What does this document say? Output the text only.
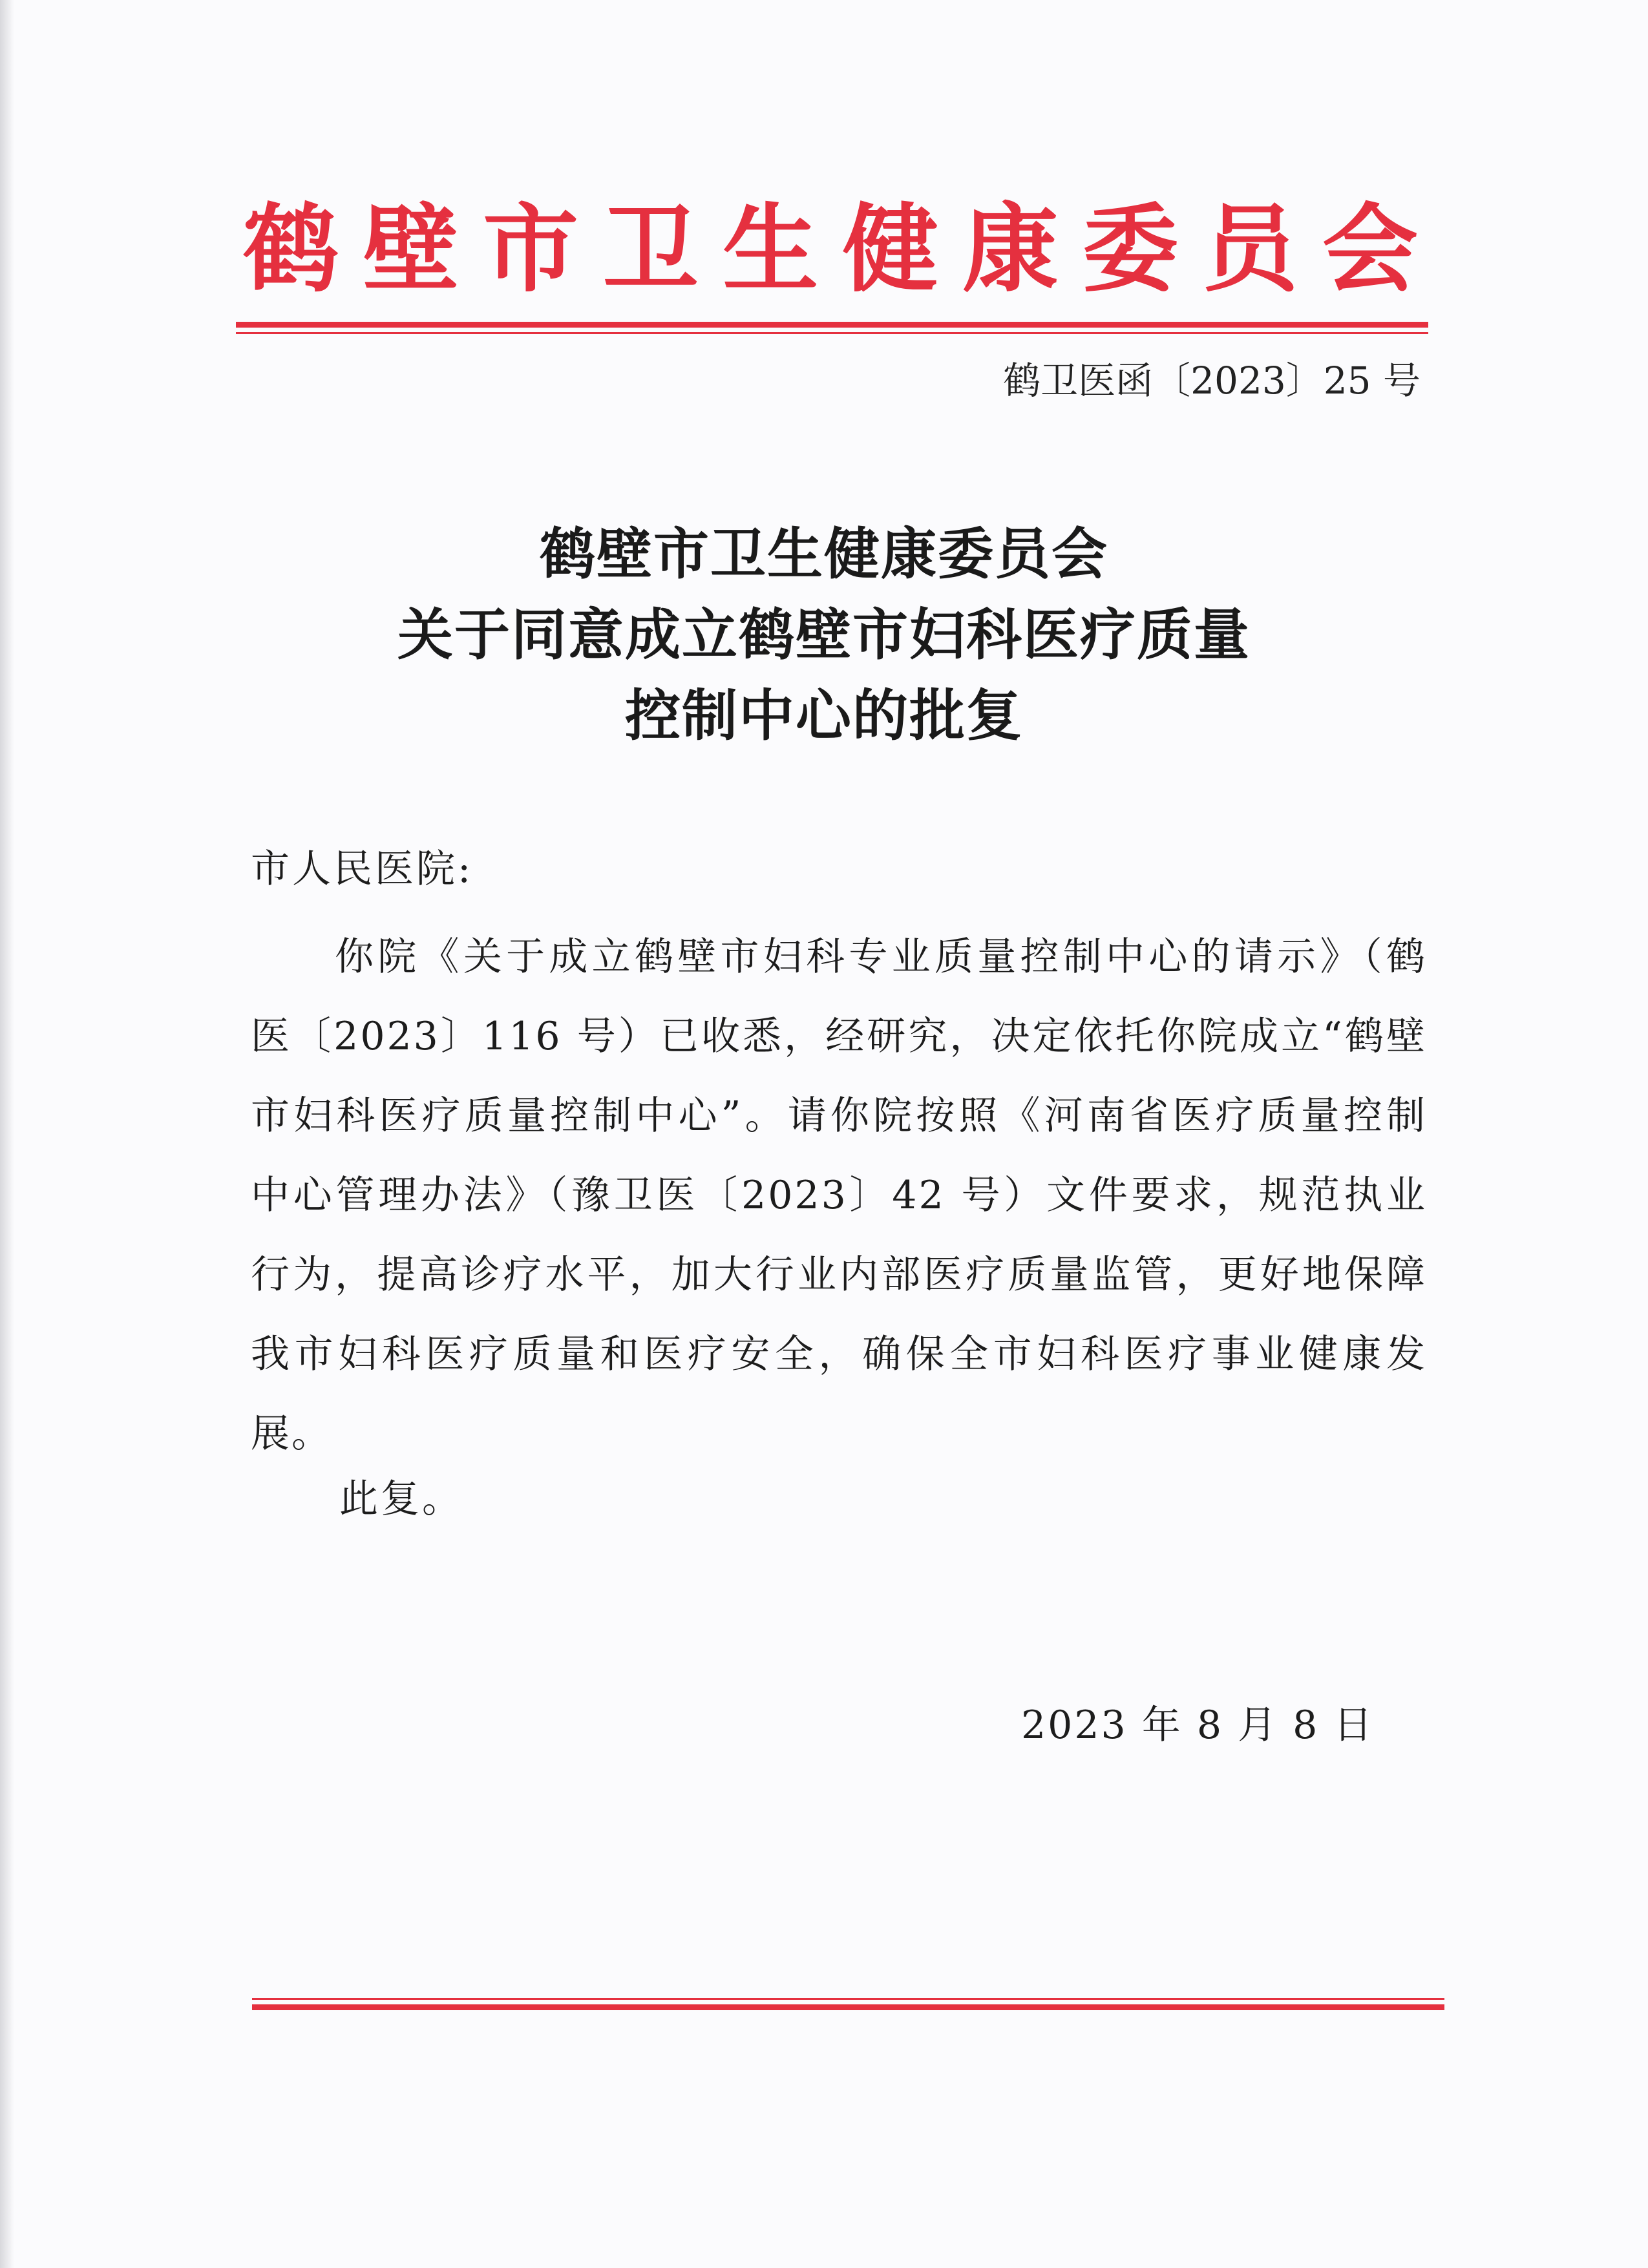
鹤 壁 市 卫 生 健 康 委 员 会
鹤卫医函〔2023〕25 号
鹤壁市卫生健康委员会
关于同意成立鹤壁市妇科医疗质量
控制中心的批复
市人民医院:
你院《关于成立鹤壁市妇科专业质量控制中心的请示》（鹤
医〔2023〕116 号）已收悉，经研究，决定依托你院成立“鹤壁
市妇科医疗质量控制中心”。请你院按照《河南省医疗质量控制
中心管理办法》（豫卫医〔2023〕42 号）文件要求，规范执业
行为，提高诊疗水平，加大行业内部医疗质量监管，更好地保障
我市妇科医疗质量和医疗安全，确保全市妇科医疗事业健康发
展。
此复。
2023 年 8 月 8 日
